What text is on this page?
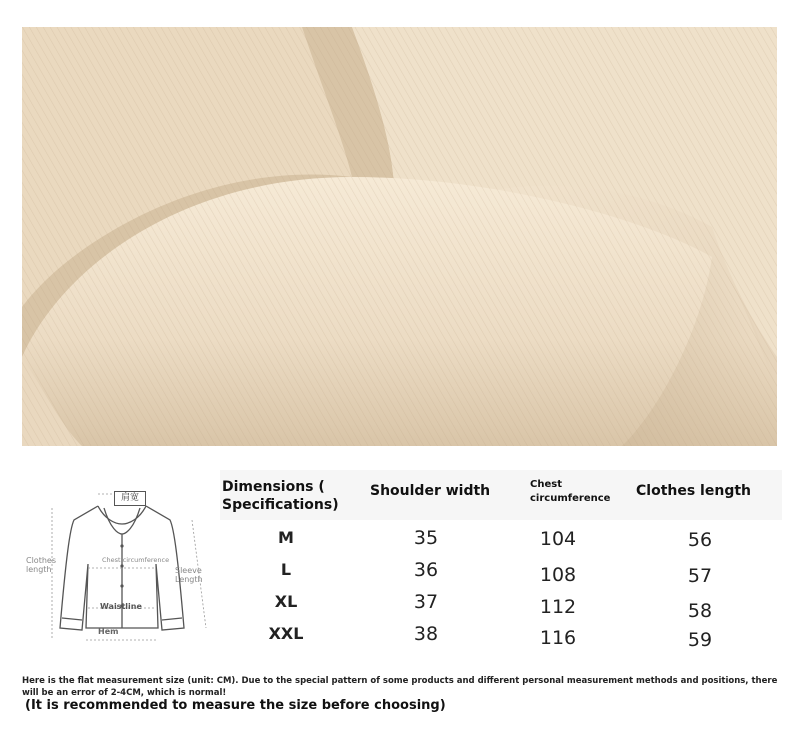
肩宽
Clothes length
Chest circumference
Sleeve Length
Waistline
Hem
Dimensions ( Specifications)
Shoulder width	Chest circumference	Clothes length
M	35	104	56
L	36	108	57
XL	37	112	58
XXL	38	116	59
Here is the flat measurement size (unit: CM). Due to the special pattern of some products and different personal measurement methods and positions, there will be an error of 2-4CM, which is normal!
(It is recommended to measure the size before choosing)
